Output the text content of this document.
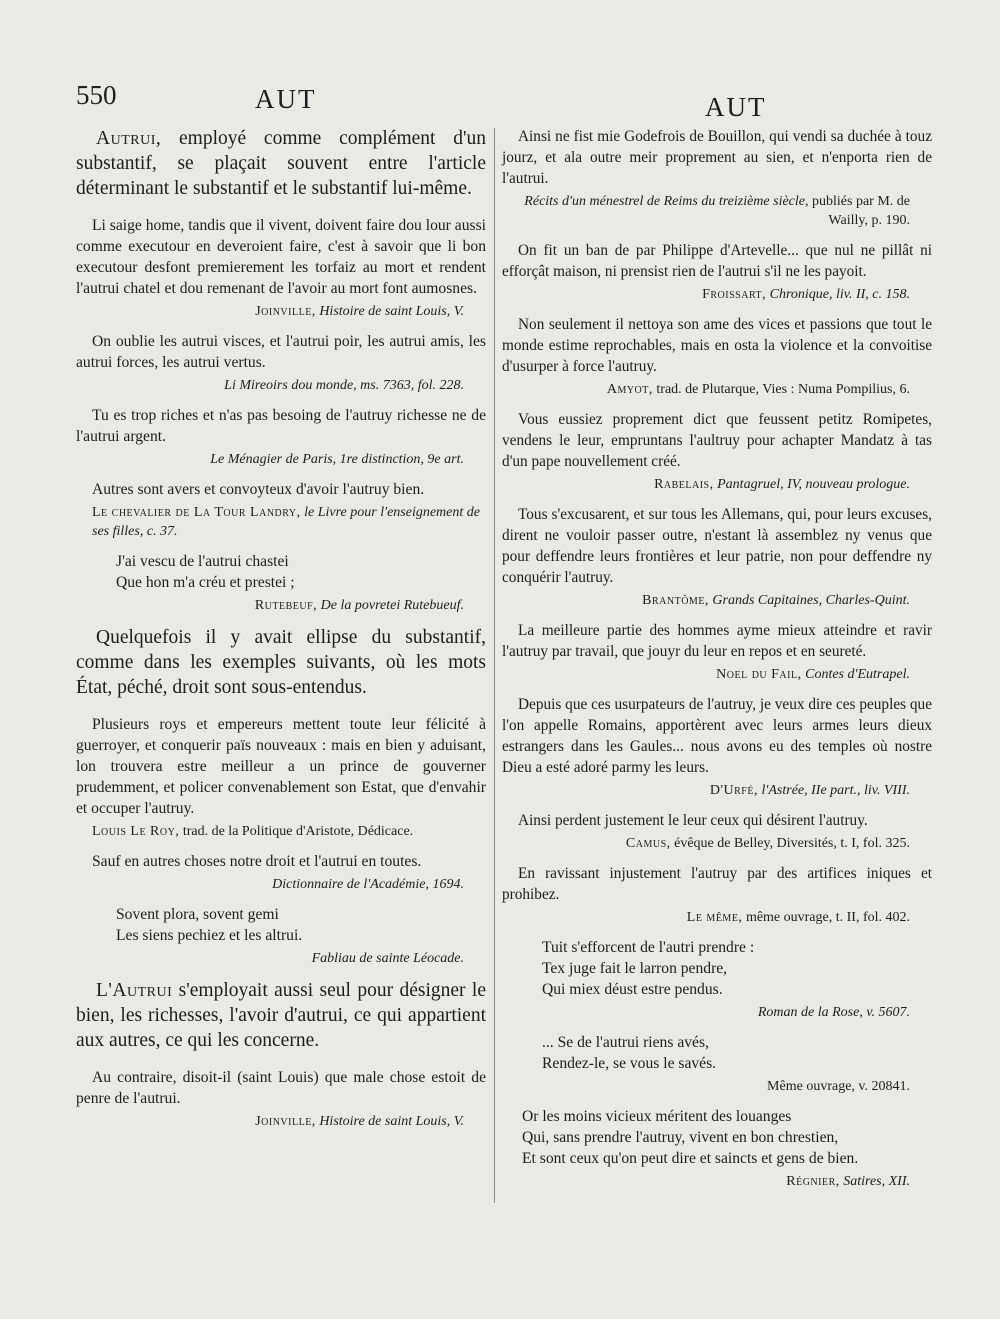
550	AUT	AUT

Autrui, employé comme complément d'un substantif, se plaçait souvent entre l'article déterminant le substantif et le substantif lui-même.

Li saige home, tandis que il vivent, doivent faire dou lour aussi comme executour en deveroient faire, c'est à savoir que li bon executour desfont premierement les torfaiz au mort et rendent l'autrui chatel et dou remenant de l'avoir au mort font aumosnes.

Joinville, Histoire de saint Louis, V.

On oublie les autrui visces, et l'autrui poir, les autrui amis, les autrui forces, les autrui vertus.

Li Mireoirs dou monde, ms. 7363, fol. 228.

Tu es trop riches et n'as pas besoing de l'autruy richesse ne de l'autrui argent.

Le Ménagier de Paris, 1re distinction, 9e art.

Autres sont avers et convoyteux d'avoir l'autruy bien.

Le chevalier de La Tour Landry, le Livre pour l'enseignement de ses filles, c. 37.

J'ai vescu de l'autrui chastei
Que hon m'a créu et prestei ;

Rutebeuf, De la povretei Rutebueuf.

Quelquefois il y avait ellipse du substantif, comme dans les exemples suivants, où les mots État, péché, droit sont sous-entendus.

Plusieurs roys et empereurs mettent toute leur félicité à guerroyer, et conquerir païs nouveaux : mais en bien y aduisant, lon trouvera estre meilleur a un prince de gouverner prudemment, et policer convenablement son Estat, que d'envahir et occuper l'autruy.

Louis Le Roy, trad. de la Politique d'Aristote, Dédicace.

Sauf en autres choses notre droit et l'autrui en toutes.

Dictionnaire de l'Académie, 1694.

Sovent plora, sovent gemi
Les siens pechiez et les altrui.

Fabliau de sainte Léocade.

L'Autrui s'employait aussi seul pour désigner le bien, les richesses, l'avoir d'autrui, ce qui appartient aux autres, ce qui les concerne.

Au contraire, disoit-il (saint Louis) que male chose estoit de penre de l'autrui.

Joinville, Histoire de saint Louis, V.

Ainsi ne fist mie Godefrois de Bouillon, qui vendi sa duchée à touz jourz, et ala outre meir proprement au sien, et n'enporta rien de l'autrui.

Récits d'un ménestrel de Reims du treizième siècle, publiés par M. de Wailly, p. 190.

On fit un ban de par Philippe d'Artevelle... que nul ne pillât ni efforçât maison, ni prensist rien de l'autrui s'il ne les payoit.

Froissart, Chronique, liv. II, c. 158.

Non seulement il nettoya son ame des vices et passions que tout le monde estime reprochables, mais en osta la violence et la convoitise d'usurper à force l'autruy.

Amyot, trad. de Plutarque, Vies : Numa Pompilius, 6.

Vous eussiez proprement dict que feussent petitz Romipetes, vendens le leur, empruntans l'aultruy pour achapter Mandatz à tas d'un pape nouvellement créé.

Rabelais, Pantagruel, IV, nouveau prologue.

Tous s'excusarent, et sur tous les Allemans, qui, pour leurs excuses, dirent ne vouloir passer outre, n'estant là assemblez ny venus que pour deffendre leurs frontières et leur patrie, non pour deffendre ny conquérir l'autruy.

Brantôme, Grands Capitaines, Charles-Quint.

La meilleure partie des hommes ayme mieux atteindre et ravir l'autruy par travail, que jouyr du leur en repos et en seureté.

Noel du Fail, Contes d'Eutrapel.

Depuis que ces usurpateurs de l'autruy, je veux dire ces peuples que l'on appelle Romains, apportèrent avec leurs armes leurs dieux estrangers dans les Gaules... nous avons eu des temples où nostre Dieu a esté adoré parmy les leurs.

D'Urfé, l'Astrée, IIe part., liv. VIII.

Ainsi perdent justement le leur ceux qui désirent l'autruy.

Camus, évêque de Belley, Diversités, t. I, fol. 325.

En ravissant injustement l'autruy par des artifices iniques et prohibez.

Le même, même ouvrage, t. II, fol. 402.

Tuit s'efforcent de l'autri prendre :
Tex juge fait le larron pendre,
Qui miex déust estre pendus.

Roman de la Rose, v. 5607.

... Se de l'autrui riens avés,
Rendez-le, se vous le savés.

Même ouvrage, v. 20841.

Or les moins vicieux méritent des louanges
Qui, sans prendre l'autruy, vivent en bon chrestien,
Et sont ceux qu'on peut dire et saincts et gens de bien.

Régnier, Satires, XII.
